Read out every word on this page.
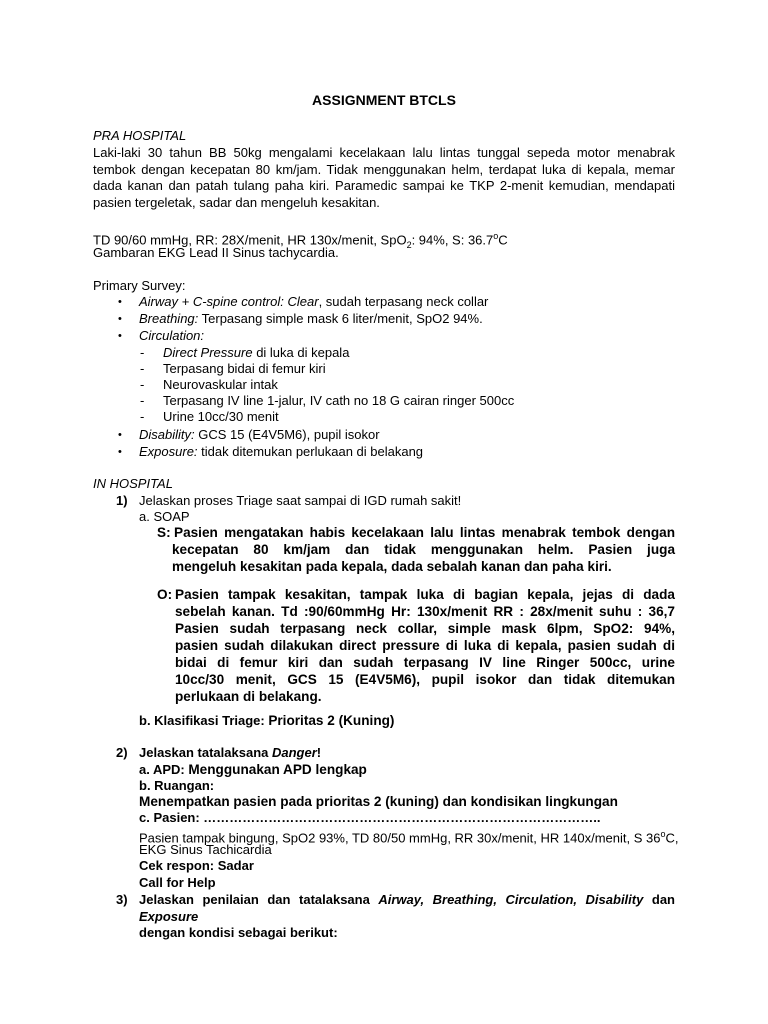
ASSIGNMENT BTCLS
PRA HOSPITAL

Laki-laki 30 tahun BB 50kg mengalami kecelakaan lalu lintas tunggal sepeda motor menabrak

tembok dengan kecepatan 80 km/jam. Tidak menggunakan helm, terdapat luka di kepala, memar

dada kanan dan patah tulang paha kiri. Paramedic sampai ke TKP 2-menit kemudian, mendapati

pasien tergeletak, sadar dan mengeluh kesakitan.

TD 90/60 mmHg, RR: 28X/menit, HR 130x/menit, SpO$_2$: 94%, S: 36.7$^o$C
Gambaran EKG Lead II Sinus tachycardia.
Primary Survey:
• Airway + C-spine control: Clear, sudah terpasang neck collar
• Breathing: Terpasang simple mask 6 liter/menit, SpO2 94%.
• Circulation:
- Direct Pressure di luka di kepala
- Terpasang bidai di femur kiri
- Neurovaskular intak
- Terpasang IV line 1-jalur, IV cath no 18 G cairan ringer 500cc
- Urine 10cc/30 menit
• Disability: GCS 15 (E4V5M6), pupil isokor
• Exposure: tidak ditemukan perlukaan di belakang
IN HOSPITAL
1) Jelaskan proses Triage saat sampai di IGD rumah sakit!
a. SOAP
S: Pasien mengatakan habis kecelakaan lalu lintas menabrak tembok dengan

kecepatan 80 km/jam dan tidak menggunakan helm. Pasien juga

mengeluh kesakitan pada kepala, dada sebalah kanan dan paha kiri.

O: Pasien tampak kesakitan, tampak luka di bagian kepala, jejas di dada

sebelah kanan. Td :90/60mmHg Hr: 130x/menit RR : 28x/menit suhu : 36,7

Pasien sudah terpasang neck collar, simple mask 6lpm, SpO2: 94%,

pasien sudah dilakukan direct pressure di luka di kepala, pasien sudah di

bidai di femur kiri dan sudah terpasang IV line Ringer 500cc, urine

10cc/30 menit, GCS 15 (E4V5M6), pupil isokor dan tidak ditemukan

perlukaan di belakang.

b. Klasifikasi Triage: Prioritas 2 (Kuning)
2) Jelaskan tatalaksana Danger!
a. APD: Menggunakan APD lengkap
b. Ruangan:
Menempatkan pasien pada prioritas 2 (kuning) dan kondisikan lingkungan
c. Pasien: ………………………………………………………………………………..
Pasien tampak bingung, SpO2 93%, TD 80/50 mmHg, RR 30x/menit, HR 140x/menit, S 36$^o$C,
EKG Sinus Tachicardia
Cek respon: Sadar
Call for Help
3) Jelaskan penilaian dan tatalaksana Airway, Breathing, Circulation, Disability dan Exposure

dengan kondisi sebagai berikut:
